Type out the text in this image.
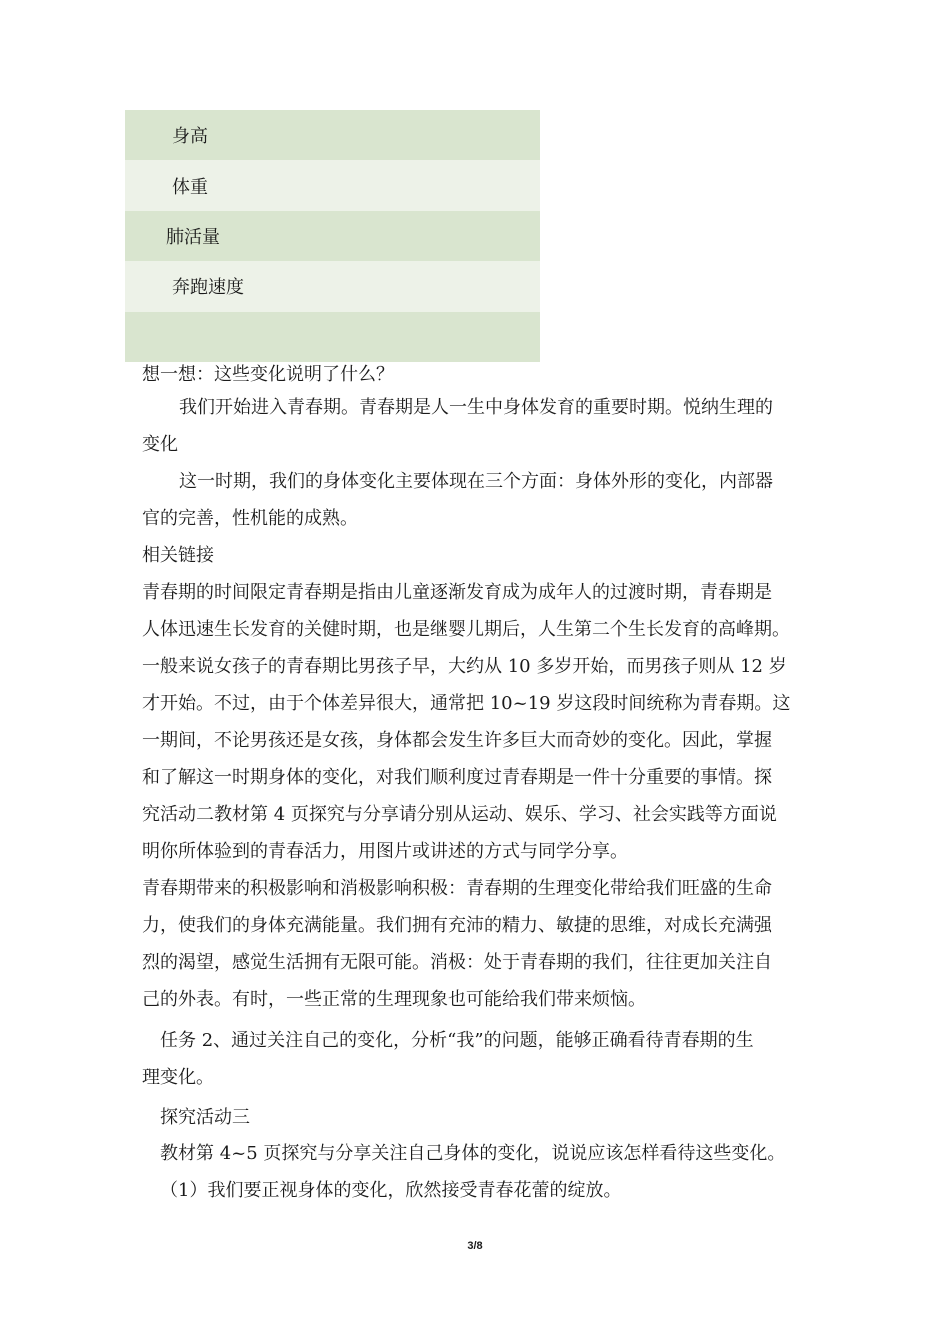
身高
体重
肺活量
奔跑速度
想一想：这些变化说明了什么？
我们开始进入青春期。青春期是人一生中身体发育的重要时期。悦纳生理的
变化
这一时期，我们的身体变化主要体现在三个方面：身体外形的变化，内部器
官的完善，性机能的成熟。
相关链接
青春期的时间限定青春期是指由儿童逐渐发育成为成年人的过渡时期，青春期是
人体迅速生长发育的关健时期，也是继婴儿期后，人生第二个生长发育的高峰期。
一般来说女孩子的青春期比男孩子早，大约从 10 多岁开始，而男孩子则从 12 岁
才开始。不过，由于个体差异很大，通常把 10~19 岁这段时间统称为青春期。这
一期间，不论男孩还是女孩，身体都会发生许多巨大而奇妙的变化。因此，掌握
和了解这一时期身体的变化，对我们顺利度过青春期是一件十分重要的事情。探
究活动二教材第 4 页探究与分享请分别从运动、娱乐、学习、社会实践等方面说
明你所体验到的青春活力，用图片或讲述的方式与同学分享。
青春期带来的积极影响和消极影响积极：青春期的生理变化带给我们旺盛的生命
力，使我们的身体充满能量。我们拥有充沛的精力、敏捷的思维，对成长充满强
烈的渴望，感觉生活拥有无限可能。消极：处于青春期的我们，往往更加关注自
己的外表。有时，一些正常的生理现象也可能给我们带来烦恼。
任务 2、通过关注自己的变化，分析“我”的问题，能够正确看待青春期的生
理变化。
探究活动三
教材第 4~5 页探究与分享关注自己身体的变化，说说应该怎样看待这些变化。
（1）我们要正视身体的变化，欣然接受青春花蕾的绽放。
3/8
